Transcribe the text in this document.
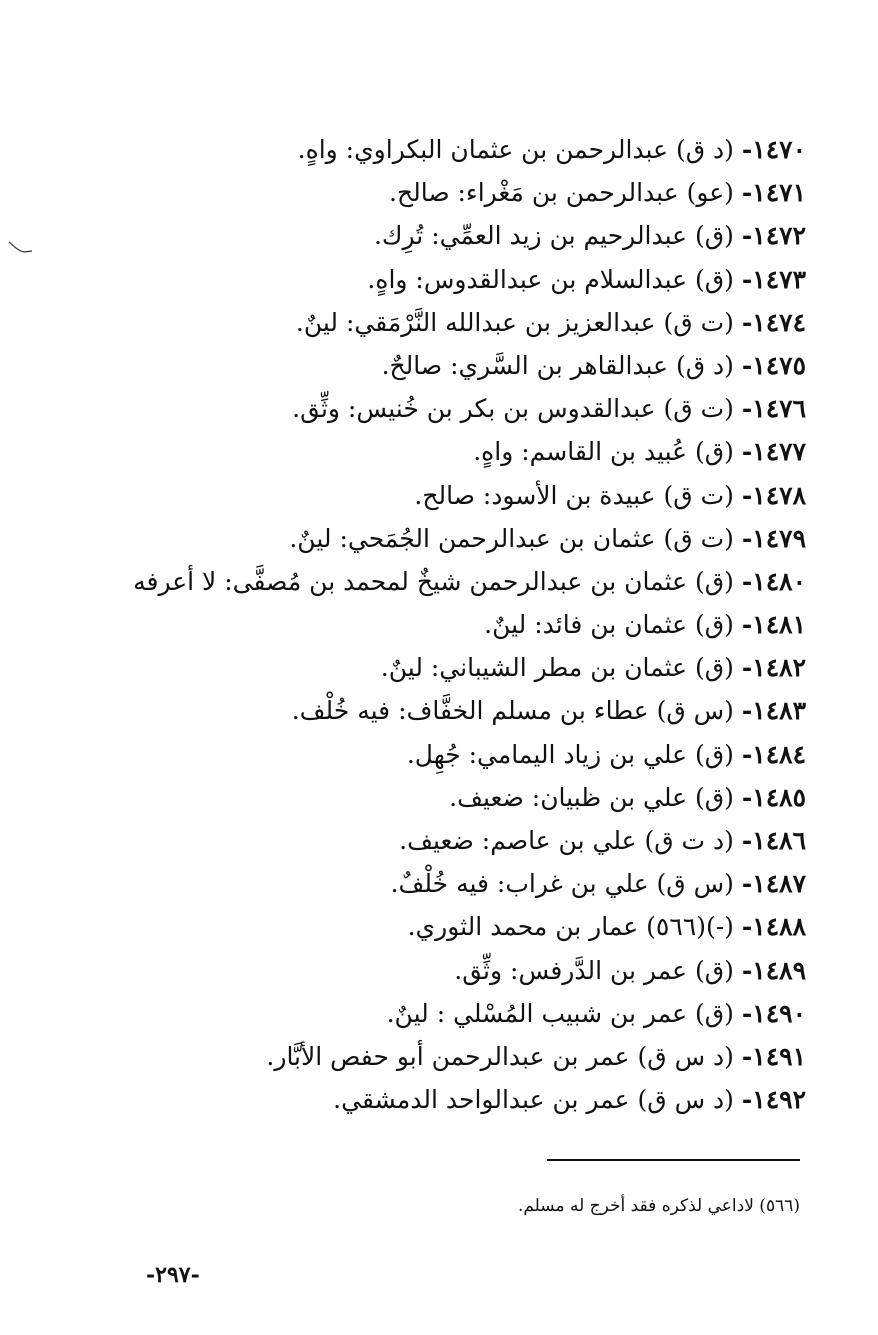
١٤٧٠- (د ق) عبدالرحمن بن عثمان البكراوي: واهٍ.
١٤٧١- (عو) عبدالرحمن بن مَغْراء: صالح.
١٤٧٢- (ق) عبدالرحيم بن زيد العمِّي: تُرِك.
١٤٧٣- (ق) عبدالسلام بن عبدالقدوس: واهٍ.
١٤٧٤- (ت ق) عبدالعزيز بن عبدالله النَّرْمَقي: لينٌ.
١٤٧٥- (د ق) عبدالقاهر بن السَّري: صالحٌ.
١٤٧٦- (ت ق) عبدالقدوس بن بكر بن خُنيس: وثِّق.
١٤٧٧- (ق) عُبيد بن القاسم: واهٍ.
١٤٧٨- (ت ق) عبيدة بن الأسود: صالح.
١٤٧٩- (ت ق) عثمان بن عبدالرحمن الجُمَحي: لينٌ.
١٤٨٠- (ق) عثمان بن عبدالرحمن شيخٌ لمحمد بن مُصفَّى: لا أعرفه
١٤٨١- (ق) عثمان بن فائد: لينٌ.
١٤٨٢- (ق) عثمان بن مطر الشيباني: لينٌ.
١٤٨٣- (س ق) عطاء بن مسلم الخفَّاف: فيه خُلْف.
١٤٨٤- (ق) علي بن زياد اليمامي: جُهِل.
١٤٨٥- (ق) علي بن ظبيان: ضعيف.
١٤٨٦- (د ت ق) علي بن عاصم: ضعيف.
١٤٨٧- (س ق) علي بن غراب: فيه خُلْفٌ.
١٤٨٨- (-)(٥٦٦) عمار بن محمد الثوري.
١٤٨٩- (ق) عمر بن الدَّرفس: وثِّق.
١٤٩٠- (ق) عمر بن شبيب المُسْلي : لينٌ.
١٤٩١- (د س ق) عمر بن عبدالرحمن أبو حفص الأبَّار.
١٤٩٢- (د س ق) عمر بن عبدالواحد الدمشقي.
(٥٦٦) لاداعي لذكره فقد أخرج له مسلم.
-٢٩٧-
